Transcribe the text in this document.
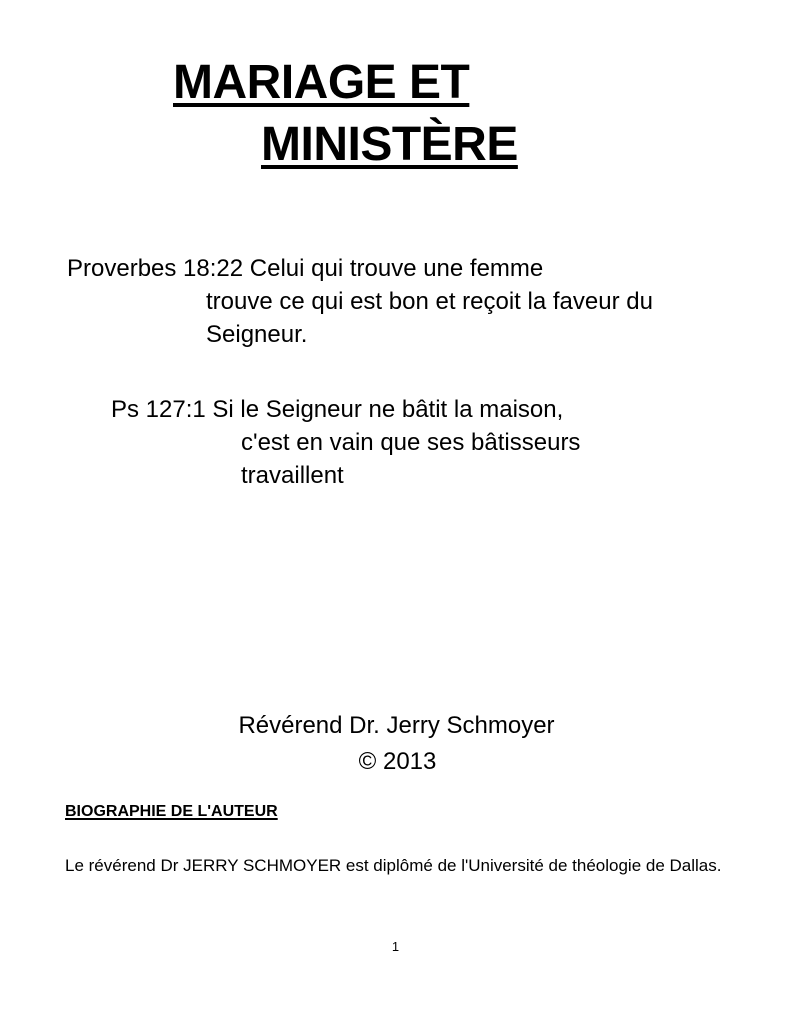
MARIAGE ET
MINISTÈRE
Proverbes 18:22 Celui qui trouve une femme
trouve ce qui est bon et reçoit la faveur du
Seigneur.
Ps 127:1 Si le Seigneur ne bâtit la maison,
c'est en vain que ses bâtisseurs
travaillent
Révérend Dr. Jerry Schmoyer
© 2013
BIOGRAPHIE DE L'AUTEUR
Le révérend Dr JERRY SCHMOYER est diplômé de l'Université de théologie de Dallas.
1
